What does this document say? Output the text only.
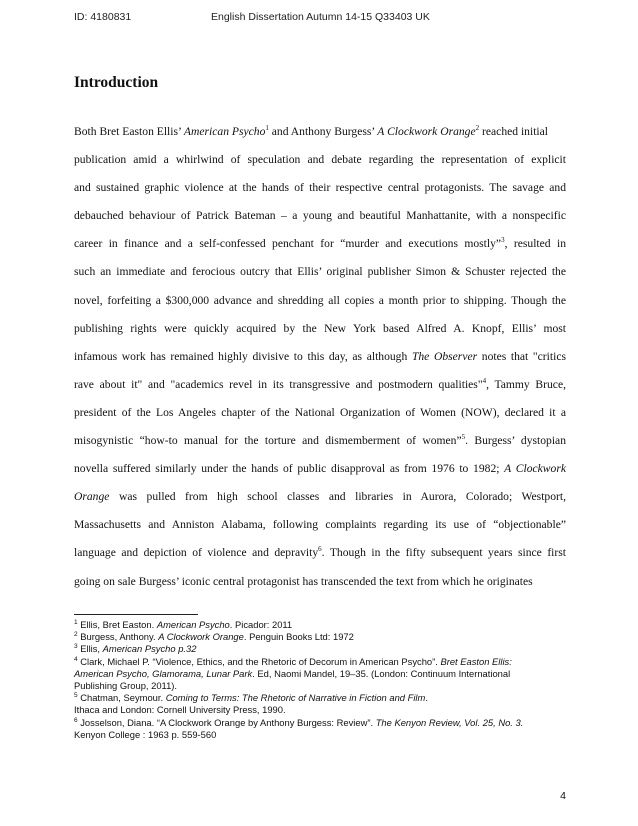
ID: 4180831	English Dissertation Autumn 14-15 Q33403 UK
Introduction
Both Bret Easton Ellis’ American Psycho$^1$ and Anthony Burgess’ A Clockwork Orange$^2$ reached initial
publication amid a whirlwind of speculation and debate regarding the representation of explicit
and sustained graphic violence at the hands of their respective central protagonists. The savage and
debauched behaviour of Patrick Bateman – a young and beautiful Manhattanite, with a nonspecific
career in finance and a self-confessed penchant for “murder and executions mostly”$^3$, resulted in
such an immediate and ferocious outcry that Ellis’ original publisher Simon & Schuster rejected the
novel, forfeiting a $300,000 advance and shredding all copies a month prior to shipping. Though the
publishing rights were quickly acquired by the New York based Alfred A. Knopf, Ellis’ most
infamous work has remained highly divisive to this day, as although The Observer notes that "critics
rave about it" and "academics revel in its transgressive and postmodern qualities"$^4$, Tammy Bruce,
president of the Los Angeles chapter of the National Organization of Women (NOW), declared it a
misogynistic “how-to manual for the torture and dismemberment of women”$^5$. Burgess’ dystopian
novella suffered similarly under the hands of public disapproval as from 1976 to 1982; A Clockwork
Orange was pulled from high school classes and libraries in Aurora, Colorado; Westport,
Massachusetts and Anniston Alabama, following complaints regarding its use of “objectionable”
language and depiction of violence and depravity$^6$. Though in the fifty subsequent years since first
going on sale Burgess’ iconic central protagonist has transcended the text from which he originates
$^1$ Ellis, Bret Easton. American Psycho. Picador: 2011
$^2$ Burgess, Anthony. A Clockwork Orange. Penguin Books Ltd: 1972
$^3$ Ellis, American Psycho p.32
$^4$ Clark, Michael P. “Violence, Ethics, and the Rhetoric of Decorum in American Psycho”. Bret Easton Ellis:
American Psycho, Glamorama, Lunar Park. Ed, Naomi Mandel, 19–35. (London: Continuum International
Publishing Group, 2011).
$^5$ Chatman, Seymour. Coming to Terms: The Rhetoric of Narrative in Fiction and Film.
Ithaca and London: Cornell University Press, 1990.
$^6$ Josselson, Diana. “A Clockwork Orange by Anthony Burgess: Review”. The Kenyon Review, Vol. 25, No. 3.
Kenyon College : 1963 p. 559-560
4
